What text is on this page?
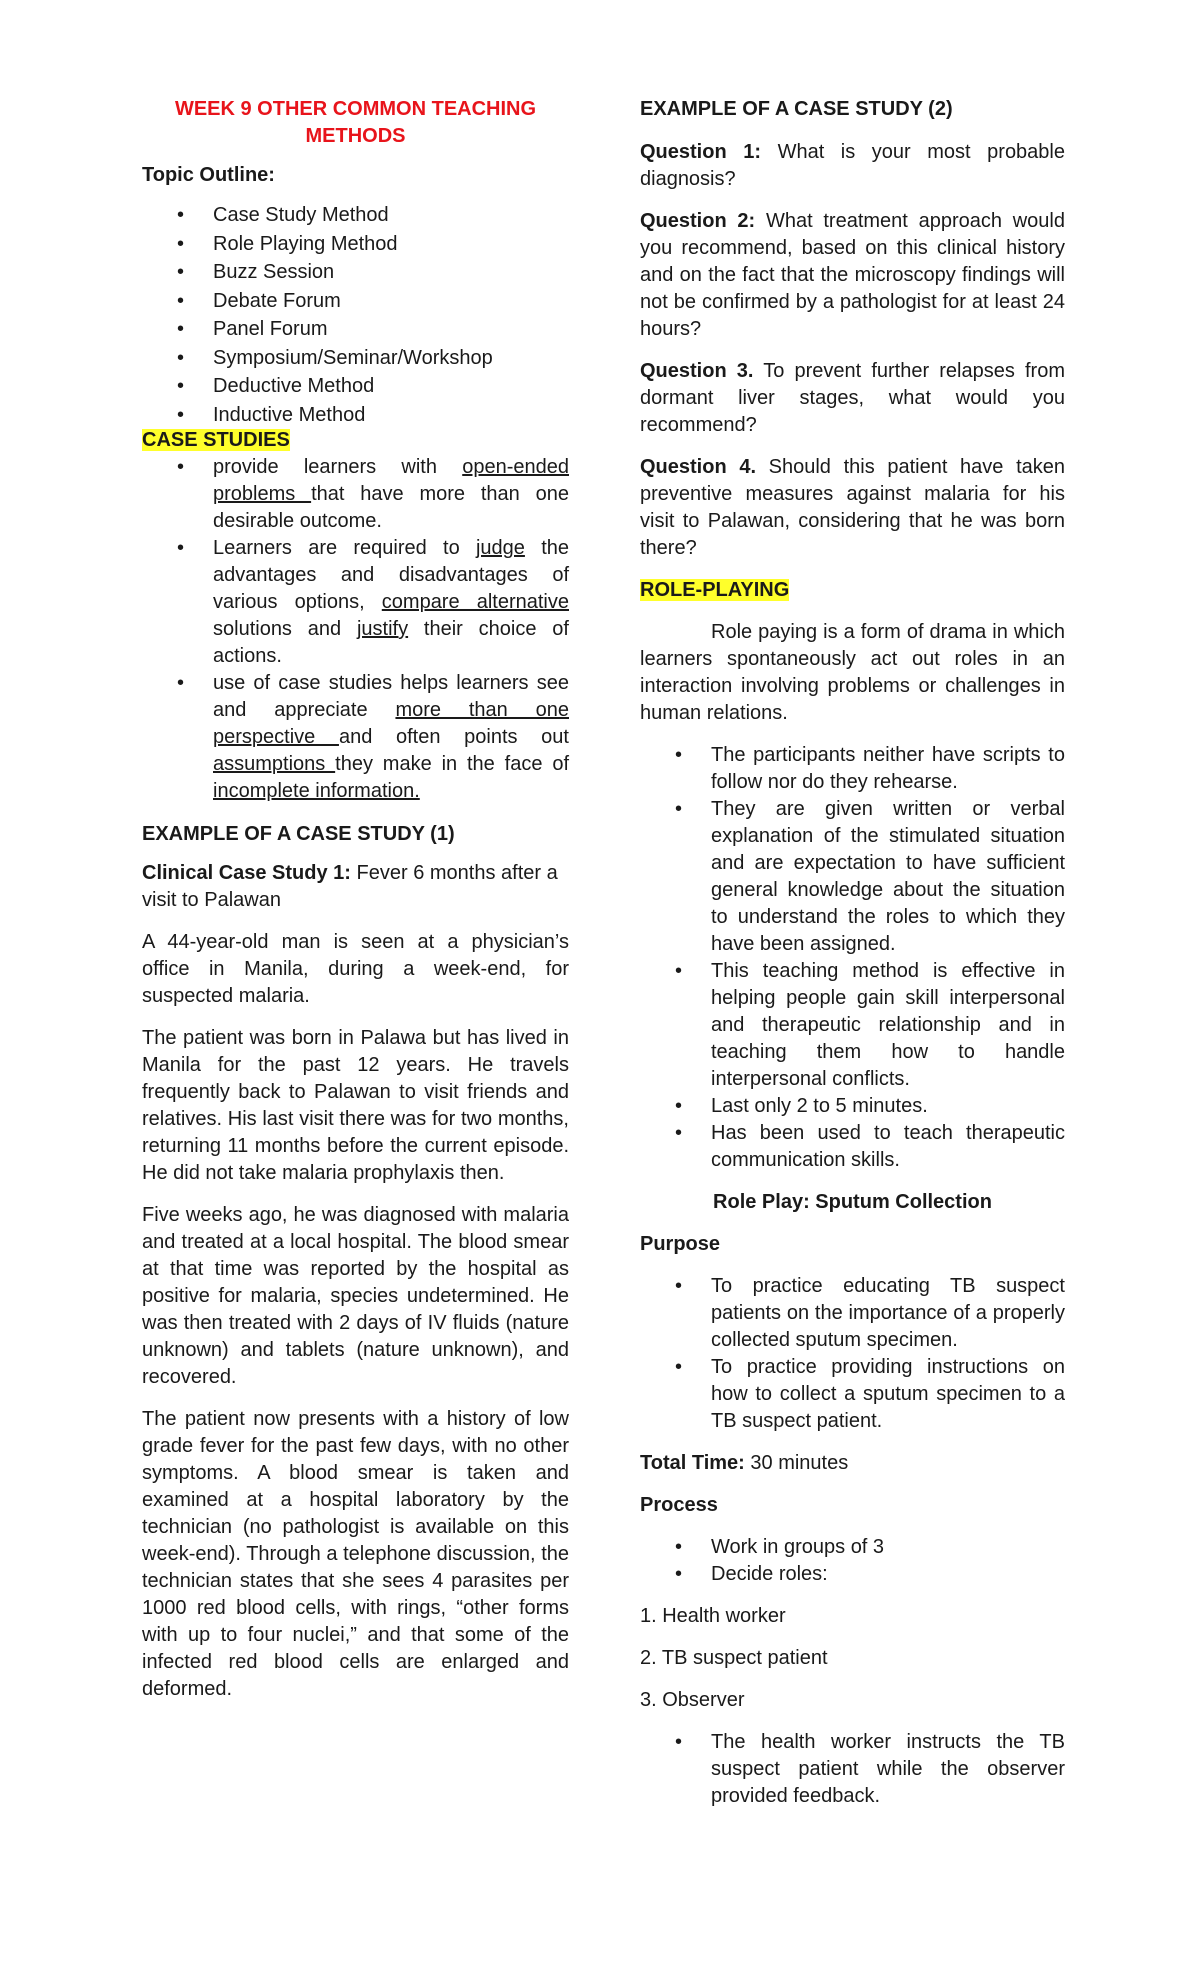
WEEK 9 OTHER COMMON TEACHING
METHODS
Topic Outline:
• Case Study Method
• Role Playing Method
• Buzz Session
• Debate Forum
• Panel Forum
• Symposium/Seminar/Workshop
• Deductive Method
• Inductive Method
CASE STUDIES
• provide learners with open-ended problems that have more than one desirable outcome.
• Learners are required to judge the advantages and disadvantages of various options, compare alternative solutions and justify their choice of actions.
• use of case studies helps learners see and appreciate more than one perspective and often points out assumptions they make in the face of incomplete information.
EXAMPLE OF A CASE STUDY (1)

Clinical Case Study 1: Fever 6 months after a visit to Palawan

A 44-year-old man is seen at a physician’s office in Manila, during a week-end, for suspected malaria.

The patient was born in Palawa but has lived in Manila for the past 12 years. He travels frequently back to Palawan to visit friends and relatives. His last visit there was for two months, returning 11 months before the current episode. He did not take malaria prophylaxis then.

Five weeks ago, he was diagnosed with malaria and treated at a local hospital. The blood smear at that time was reported by the hospital as positive for malaria, species undetermined. He was then treated with 2 days of IV fluids (nature unknown) and tablets (nature unknown), and recovered.

The patient now presents with a history of low grade fever for the past few days, with no other symptoms. A blood smear is taken and examined at a hospital laboratory by the technician (no pathologist is available on this week-end). Through a telephone discussion, the technician states that she sees 4 parasites per 1000 red blood cells, with rings, “other forms with up to four nuclei,” and that some of the infected red blood cells are enlarged and deformed.

EXAMPLE OF A CASE STUDY (2)

Question 1: What is your most probable diagnosis?

Question 2: What treatment approach would you recommend, based on this clinical history and on the fact that the microscopy findings will not be confirmed by a pathologist for at least 24 hours?

Question 3. To prevent further relapses from dormant liver stages, what would you recommend?

Question 4. Should this patient have taken preventive measures against malaria for his visit to Palawan, considering that he was born there?

ROLE-PLAYING

Role paying is a form of drama in which learners spontaneously act out roles in an interaction involving problems or challenges in human relations.

• The participants neither have scripts to follow nor do they rehearse.
• They are given written or verbal explanation of the stimulated situation and are expectation to have sufficient general knowledge about the situation to understand the roles to which they have been assigned.
• This teaching method is effective in helping people gain skill interpersonal and therapeutic relationship and in teaching them how to handle interpersonal conflicts.
• Last only 2 to 5 minutes.
• Has been used to teach therapeutic communication skills.

Role Play: Sputum Collection

Purpose

• To practice educating TB suspect patients on the importance of a properly collected sputum specimen.
• To practice providing instructions on how to collect a sputum specimen to a TB suspect patient.

Total Time: 30 minutes

Process

• Work in groups of 3
• Decide roles:

1. Health worker

2. TB suspect patient

3. Observer

• The health worker instructs the TB suspect patient while the observer provided feedback.
